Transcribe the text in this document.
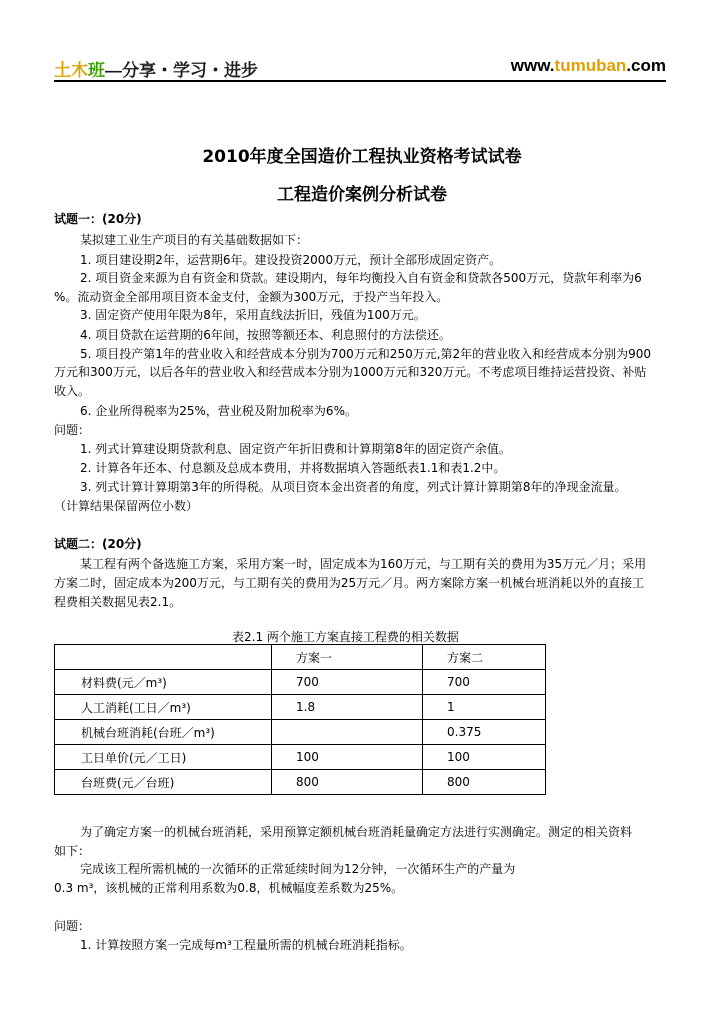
土木班—分享・学习・进步	www.tumuban.com
2010年度全国造价工程执业资格考试试卷
工程造价案例分析试卷
试题一：(20分)
某拟建工业生产项目的有关基础数据如下：
1. 项目建设期2年，运营期6年。建设投资2000万元，预计全部形成固定资产。
2. 项目资金来源为自有资金和贷款。建设期内，每年均衡投入自有资金和贷款各500万元，贷款年利率为6
%。流动资金全部用项目资本金支付，金额为300万元，于投产当年投入。
3. 固定资产使用年限为8年，采用直线法折旧，残值为100万元。
4. 项目贷款在运营期的6年间，按照等额还本、利息照付的方法偿还。
5. 项目投产第1年的营业收入和经营成本分别为700万元和250万元,第2年的营业收入和经营成本分别为900
万元和300万元，以后各年的营业收入和经营成本分别为1000万元和320万元。不考虑项目维持运营投资、补贴
收入。
6. 企业所得税率为25%，营业税及附加税率为6%。
问题：
1. 列式计算建设期贷款利息、固定资产年折旧费和计算期第8年的固定资产余值。
2. 计算各年还本、付息额及总成本费用，并将数据填入答题纸表1.1和表1.2中。
3. 列式计算计算期第3年的所得税。从项目资本金出资者的角度，列式计算计算期第8年的净现金流量。
（计算结果保留两位小数）
试题二：(20分)
某工程有两个备选施工方案，采用方案一时，固定成本为160万元，与工期有关的费用为35万元／月；采用
方案二时，固定成本为200万元，与工期有关的费用为25万元／月。两方案除方案一机械台班消耗以外的直接工
程费相关数据见表2.1。
表2.1 两个施工方案直接工程费的相关数据
	方案一	方案二
材料费(元／m³)	700	700
人工消耗(工日／m³)	1.8	1
机械台班消耗(台班／m³)		0.375
工日单价(元／工日)	100	100
台班费(元／台班)	800	800
为了确定方案一的机械台班消耗，采用预算定额机械台班消耗量确定方法进行实测确定。测定的相关资料
如下：
完成该工程所需机械的一次循环的正常延续时间为12分钟，一次循环生产的产量为
0.3 m³，该机械的正常利用系数为0.8，机械幅度差系数为25%。
问题：
1. 计算按照方案一完成每m³工程量所需的机械台班消耗指标。
